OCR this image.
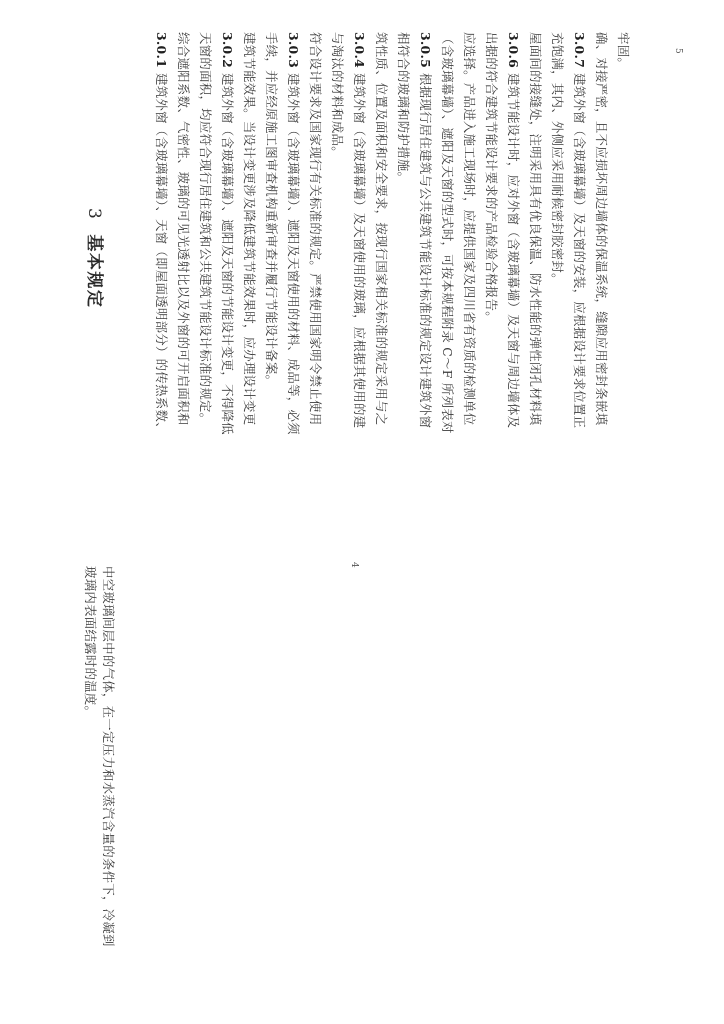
中空玻璃间层中的气体，在一定压力和水蒸汽含量的条件下，冷凝到
玻璃内表面结露时的温度。
5
4
3基本规定
3.0.1建筑外窗（含玻璃幕墙）、天窗（即屋面透明部分）的传热系数、 综合遮阳系数、气密性、玻璃的可见光透射比以及外窗的可开启面积和 天窗的面积，均应符合现行居住建筑和公共建筑节能设计标准的规定。 3.0.2建筑外窗（含玻璃幕墙）、遮阳及天窗的节能设计变更，不得降低 建筑节能效果。当设计变更涉及降低建筑节能效果时，应办理设计变更 手续，并应经原施工图审查机构重新审查并履行节能设计备案。 3.0.3建筑外窗（含玻璃幕墙）、遮阳及天窗使用的材料、成品等，必须 符合设计要求及国家现行有关标准的规定。严禁使用国家明令禁止使用 与淘汰的材料和成品。 3.0.4建筑外窗（含玻璃幕墙）及天窗使用的玻璃，应根据其使用的建 筑性质、位置及面积和安全要求，按现行国家相关标准的规定采用与之 相符合的玻璃和防护措施。 3.0.5根据现行居住建筑与公共建筑节能设计标准的规定设计建筑外窗 （含玻璃幕墙）、遮阳及天窗的型式时，可按本规程附录 C～F 所列表对 应选择。产品进入施工现场时，应提供国家及四川省有资质的检测单位 出据的符合建筑节能设计要求的产品检验合格报告。 3.0.6建筑节能设计时，应对外窗（含玻璃幕墙）及天窗与周边墙体及 屋面间的接缝处，注明采用具有优良保温、防水性能的弹性闭孔材料填 充饱满，其内、外侧应采用耐候密封胶密封。 3.0.7建筑外窗（含玻璃幕墙）及天窗的安装，应根据设计要求位置正 确、对接严密，且不应损坏周边墙体的保温系统，缝隙应用密封条嵌填 牢固。
